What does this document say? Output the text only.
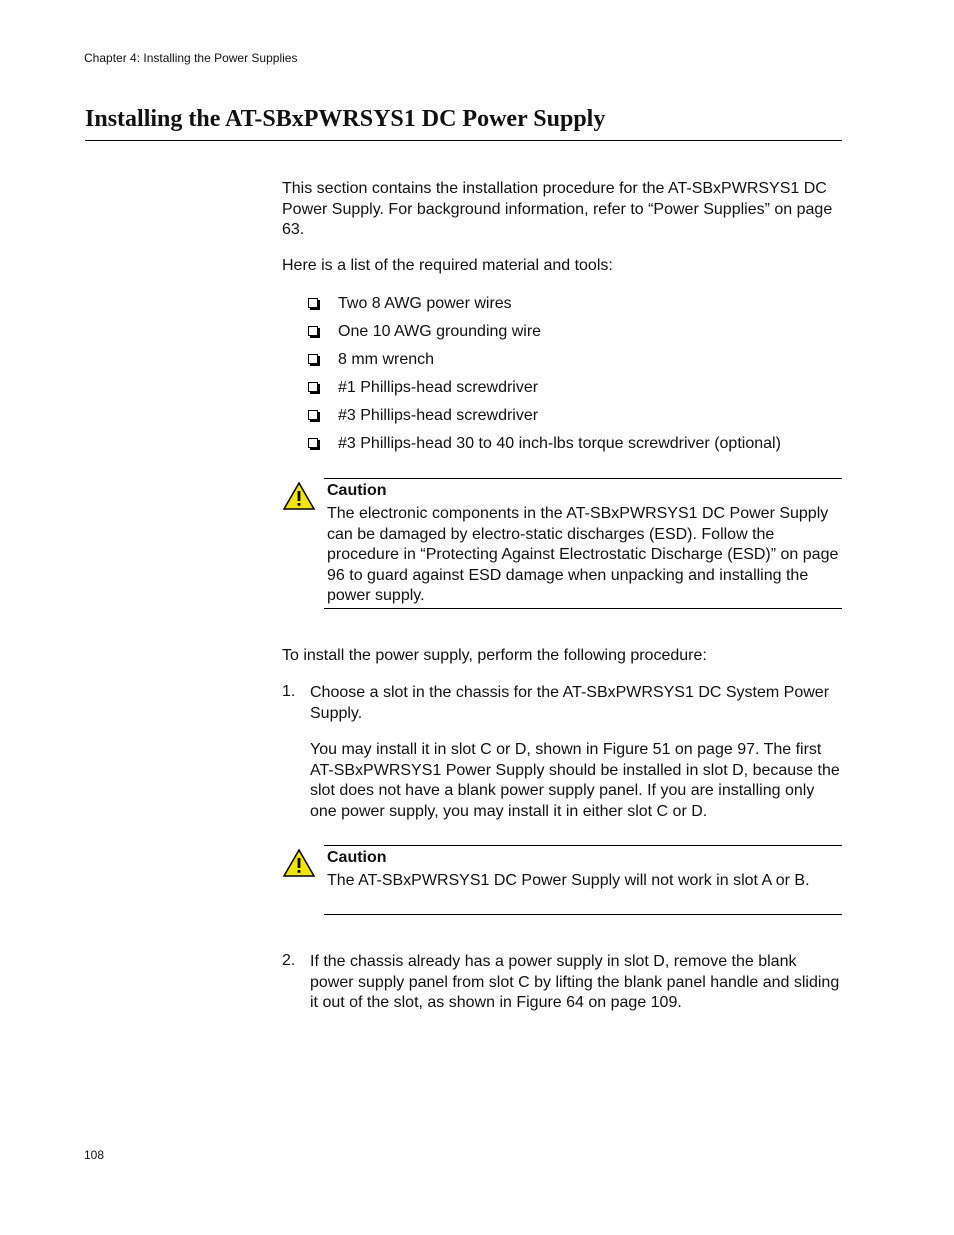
Chapter 4: Installing the Power Supplies
Installing the AT-SBxPWRSYS1 DC Power Supply

This section contains the installation procedure for the AT-SBxPWRSYS1 DC Power Supply. For background information, refer to “Power Supplies” on page 63.

Here is a list of the required material and tools:

Two 8 AWG power wires
One 10 AWG grounding wire
8 mm wrench
#1 Phillips-head screwdriver
#3 Phillips-head screwdriver
#3 Phillips-head 30 to 40 inch-lbs torque screwdriver (optional)
Caution

The electronic components in the AT-SBxPWRSYS1 DC Power Supply can be damaged by electro-static discharges (ESD). Follow the procedure in “Protecting Against Electrostatic Discharge (ESD)” on page 96 to guard against ESD damage when unpacking and installing the power supply.

To install the power supply, perform the following procedure:

1. Choose a slot in the chassis for the AT-SBxPWRSYS1 DC System Power Supply.

You may install it in slot C or D, shown in Figure 51 on page 97. The first AT-SBxPWRSYS1 Power Supply should be installed in slot D, because the slot does not have a blank power supply panel. If you are installing only one power supply, you may install it in either slot C or D.

Caution

The AT-SBxPWRSYS1 DC Power Supply will not work in slot A or B.

2. If the chassis already has a power supply in slot D, remove the blank power supply panel from slot C by lifting the blank panel handle and sliding it out of the slot, as shown in Figure 64 on page 109.

108
